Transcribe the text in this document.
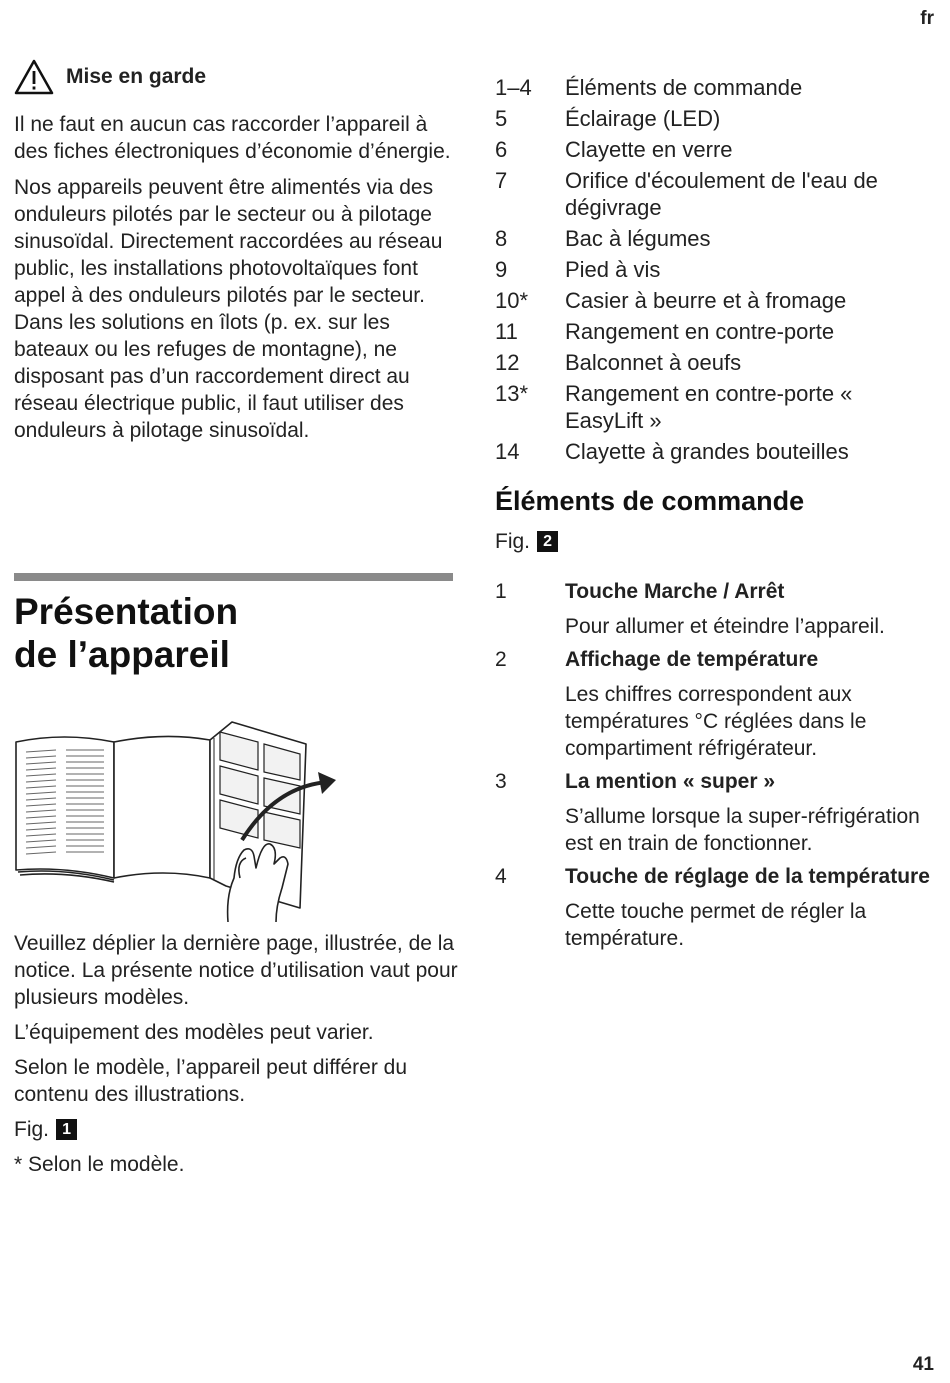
fr
Mise en garde

Il ne faut en aucun cas raccorder l’appareil à des fiches électroniques d’économie d’énergie.

Nos appareils peuvent être alimentés via des onduleurs pilotés par le secteur ou à pilotage sinusoïdal. Directement raccordées au réseau public, les installations photovoltaïques font appel à des onduleurs pilotés par le secteur. Dans les solutions en îlots (p. ex. sur les bateaux ou les refuges de montagne), ne disposant pas d’un raccordement direct au réseau électrique public, il faut utiliser des onduleurs à pilotage sinusoïdal.

Présentation
de l’appareil

Veuillez déplier la dernière page, illustrée, de la notice. La présente notice d’utilisation vaut pour plusieurs modèles.

L’équipement des modèles peut varier.

Selon le modèle, l’appareil peut différer du contenu des illustrations.

Fig. 1

* Selon le modèle.

1–4	Éléments de commande
5	Éclairage (LED)
6	Clayette en verre
7	Orifice d'écoulement de l'eau de dégivrage
8	Bac à légumes
9	Pied à vis
10*	Casier à beurre et à fromage
11	Rangement en contre-porte
12	Balconnet à oeufs
13*	Rangement en contre-porte « EasyLift »
14	Clayette à grandes bouteilles
Éléments de commande
Fig. 2
1	Touche Marche / Arrêt
Pour allumer et éteindre l’appareil.
2	Affichage de température
Les chiffres correspondent aux températures °C réglées dans le compartiment réfrigérateur.
3	La mention « super »
S’allume lorsque la super-réfrigération est en train de fonctionner.
4	Touche de réglage de la température
Cette touche permet de régler la température.
41
